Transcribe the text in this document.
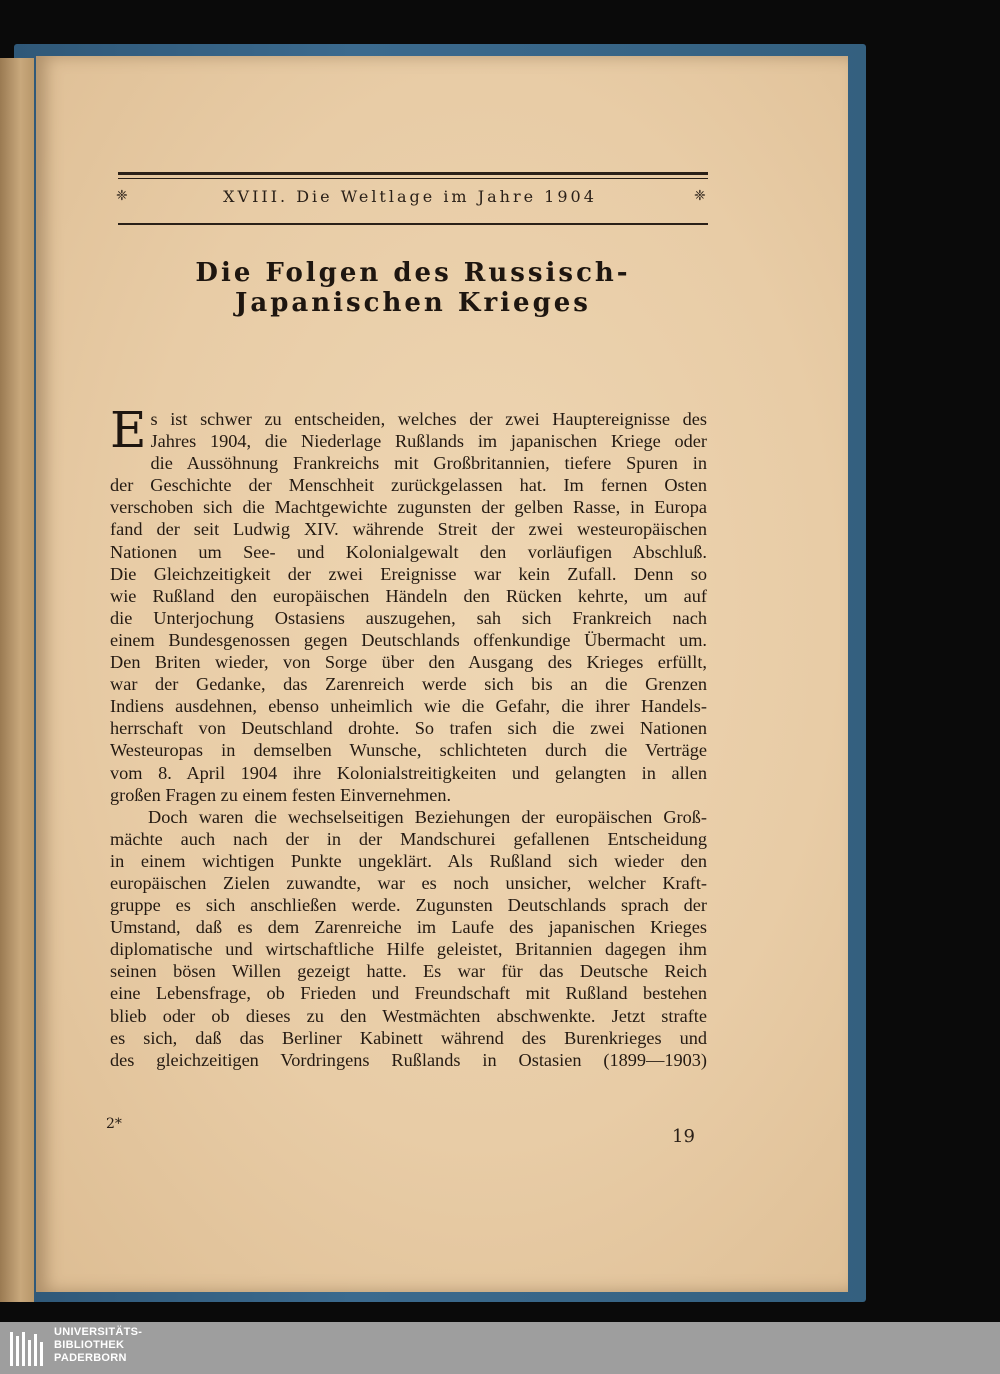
❈	XVIII. Die Weltlage im Jahre 1904	❈
Die Folgen des Russisch-Japanischen Krieges
E s ist schwer zu entscheiden, welches der zwei Hauptereignisse des
Jahres 1904, die Niederlage Rußlands im japanischen Kriege oder
die Aussöhnung Frankreichs mit Großbritannien, tiefere Spuren in
der Geschichte der Menschheit zurückgelassen hat. Im fernen Osten
verschoben sich die Machtgewichte zugunsten der gelben Rasse, in Europa
fand der seit Ludwig XIV. währende Streit der zwei westeuropäischen
Nationen um See- und Kolonialgewalt den vorläufigen Abschluß.
Die Gleichzeitigkeit der zwei Ereignisse war kein Zufall. Denn so
wie Rußland den europäischen Händeln den Rücken kehrte, um auf
die Unterjochung Ostasiens auszugehen, sah sich Frankreich nach
einem Bundesgenossen gegen Deutschlands offenkundige Übermacht um.
Den Briten wieder, von Sorge über den Ausgang des Krieges erfüllt,
war der Gedanke, das Zarenreich werde sich bis an die Grenzen
Indiens ausdehnen, ebenso unheimlich wie die Gefahr, die ihrer Handels-
herrschaft von Deutschland drohte. So trafen sich die zwei Nationen
Westeuropas in demselben Wunsche, schlichteten durch die Verträge
vom 8. April 1904 ihre Kolonialstreitigkeiten und gelangten in allen
großen Fragen zu einem festen Einvernehmen.
Doch waren die wechselseitigen Beziehungen der europäischen Groß-
mächte auch nach der in der Mandschurei gefallenen Entscheidung
in einem wichtigen Punkte ungeklärt. Als Rußland sich wieder den
europäischen Zielen zuwandte, war es noch unsicher, welcher Kraft-
gruppe es sich anschließen werde. Zugunsten Deutschlands sprach der
Umstand, daß es dem Zarenreiche im Laufe des japanischen Krieges
diplomatische und wirtschaftliche Hilfe geleistet, Britannien dagegen ihm
seinen bösen Willen gezeigt hatte. Es war für das Deutsche Reich
eine Lebensfrage, ob Frieden und Freundschaft mit Rußland bestehen
blieb oder ob dieses zu den Westmächten abschwenkte. Jetzt strafte
es sich, daß das Berliner Kabinett während des Burenkrieges und
des gleichzeitigen Vordringens Rußlands in Ostasien (1899—1903)
2*
19
UNIVERSITÄTS-
BIBLIOTHEK
PADERBORN
